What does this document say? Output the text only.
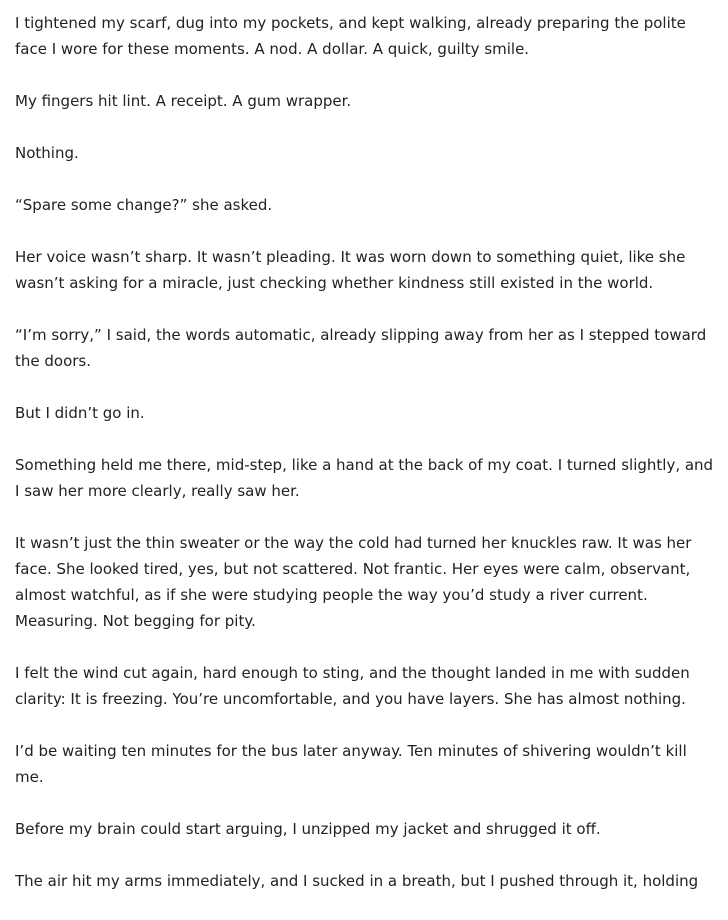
I tightened my scarf, dug into my pockets, and kept walking, already preparing the polite face I wore for these moments. A nod. A dollar. A quick, guilty smile.

My fingers hit lint. A receipt. A gum wrapper.

Nothing.

“Spare some change?” she asked.

Her voice wasn’t sharp. It wasn’t pleading. It was worn down to something quiet, like she wasn’t asking for a miracle, just checking whether kindness still existed in the world.

“I’m sorry,” I said, the words automatic, already slipping away from her as I stepped toward the doors.

But I didn’t go in.

Something held me there, mid-step, like a hand at the back of my coat. I turned slightly, and I saw her more clearly, really saw her.

It wasn’t just the thin sweater or the way the cold had turned her knuckles raw. It was her face. She looked tired, yes, but not scattered. Not frantic. Her eyes were calm, observant, almost watchful, as if she were studying people the way you’d study a river current. Measuring. Not begging for pity.

I felt the wind cut again, hard enough to sting, and the thought landed in me with sudden clarity: It is freezing. You’re uncomfortable, and you have layers. She has almost nothing.

I’d be waiting ten minutes for the bus later anyway. Ten minutes of shivering wouldn’t kill me.

Before my brain could start arguing, I unzipped my jacket and shrugged it off.

The air hit my arms immediately, and I sucked in a breath, but I pushed through it, holding
